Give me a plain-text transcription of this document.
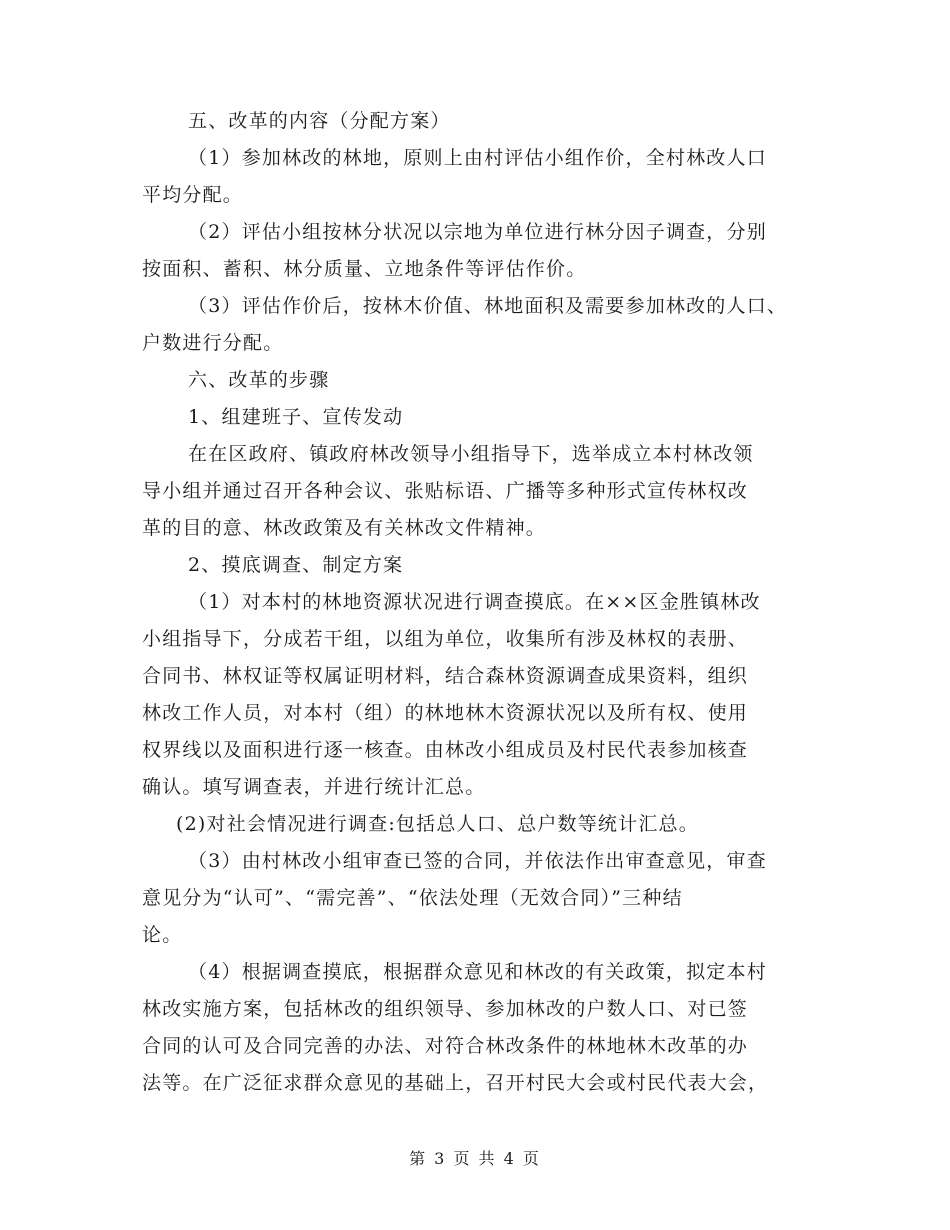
五、改革的内容（分配方案）
（1）参加林改的林地，原则上由村评估小组作价，全村林改人口
平均分配。
（2）评估小组按林分状况以宗地为单位进行林分因子调查，分别
按面积、蓄积、林分质量、立地条件等评估作价。
（3）评估作价后，按林木价值、林地面积及需要参加林改的人口、
户数进行分配。
六、改革的步骤
1、组建班子、宣传发动
在在区政府、镇政府林改领导小组指导下，选举成立本村林改领
导小组并通过召开各种会议、张贴标语、广播等多种形式宣传林权改
革的目的意、林改政策及有关林改文件精神。
2、摸底调查、制定方案
（1）对本村的林地资源状况进行调查摸底。在××区金胜镇林改
小组指导下，分成若干组，以组为单位，收集所有涉及林权的表册、
合同书、林权证等权属证明材料，结合森林资源调查成果资料，组织
林改工作人员，对本村（组）的林地林木资源状况以及所有权、使用
权界线以及面积进行逐一核查。由林改小组成员及村民代表参加核查
确认。填写调查表，并进行统计汇总。
(2)对社会情况进行调查:包括总人口、总户数等统计汇总。
（3）由村林改小组审查已签的合同，并依法作出审查意见，审查
意见分为“认可”、“需完善”、“依法处理（无效合同）”三种结
论。
（4）根据调查摸底，根据群众意见和林改的有关政策，拟定本村
林改实施方案，包括林改的组织领导、参加林改的户数人口、对已签
合同的认可及合同完善的办法、对符合林改条件的林地林木改革的办
法等。在广泛征求群众意见的基础上，召开村民大会或村民代表大会，
第 3 页 共 4 页
